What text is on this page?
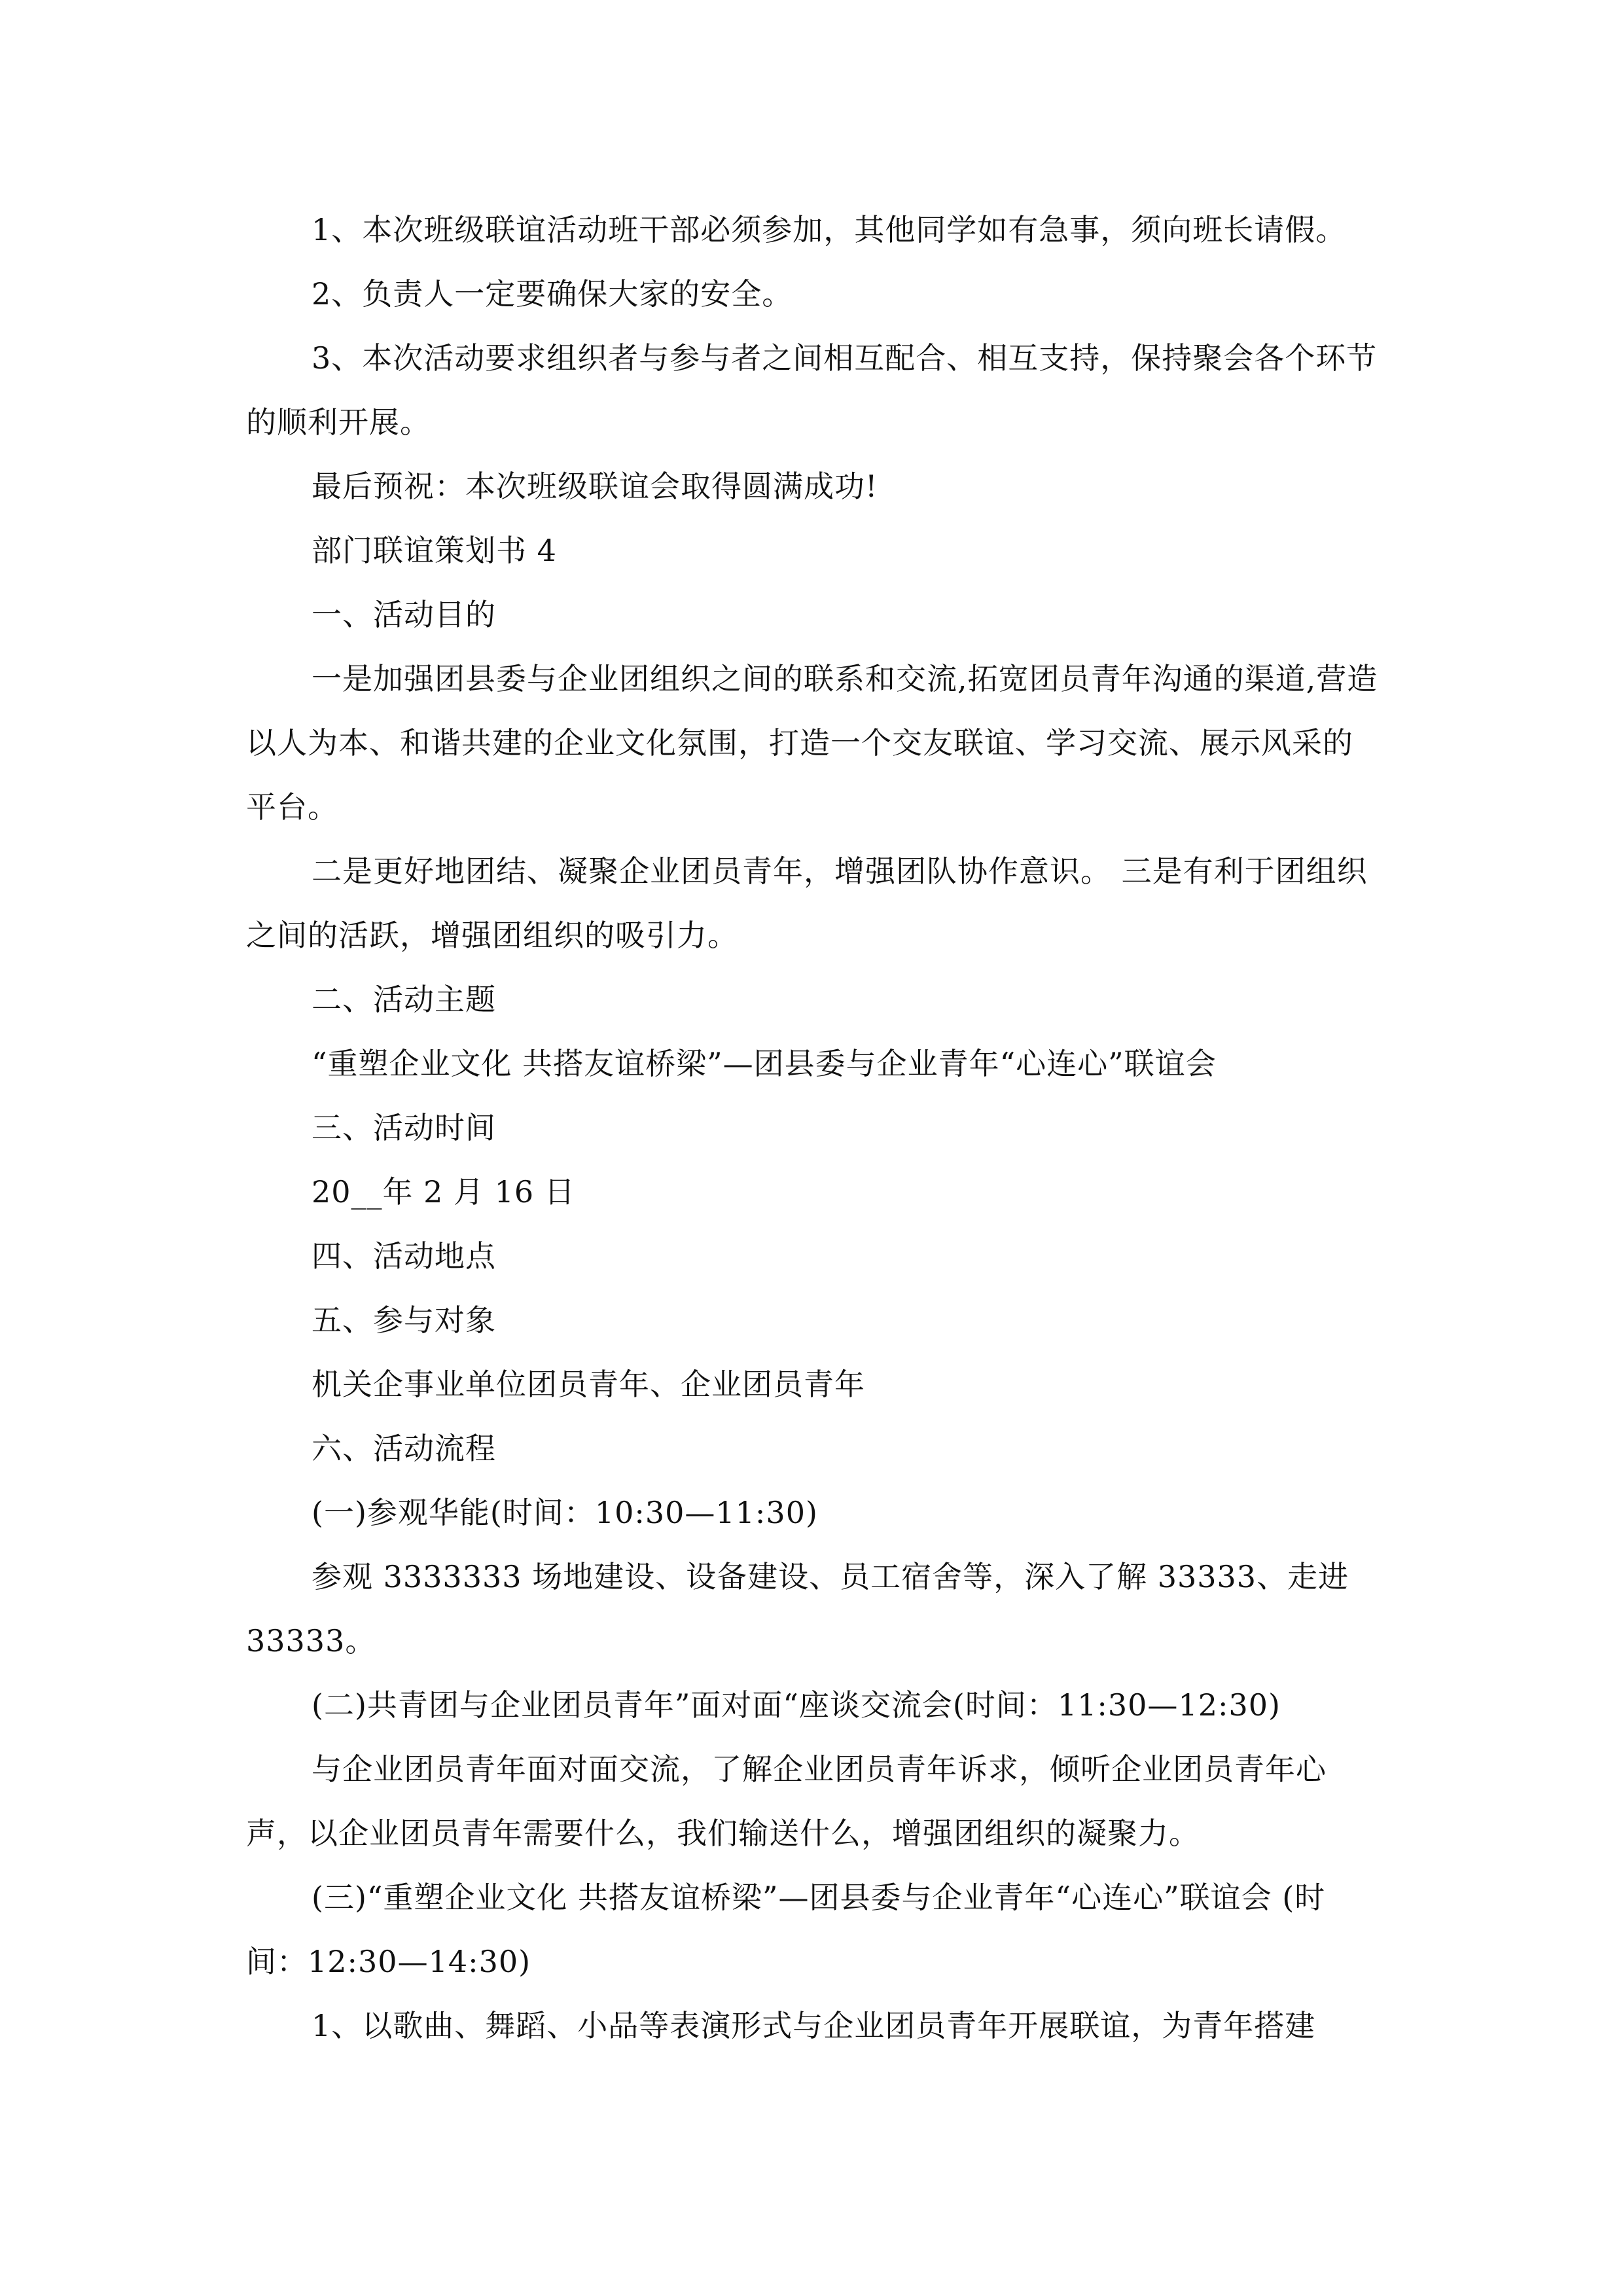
1、本次班级联谊活动班干部必须参加，其他同学如有急事，须向班长请假。

2、负责人一定要确保大家的安全。

3、本次活动要求组织者与参与者之间相互配合、相互支持，保持聚会各个环节的顺利开展。

最后预祝：本次班级联谊会取得圆满成功!

部门联谊策划书 4

一、活动目的

一是加强团县委与企业团组织之间的联系和交流,拓宽团员青年沟通的渠道,营造以人为本、和谐共建的企业文化氛围，打造一个交友联谊、学习交流、展示风采的平台。

二是更好地团结、凝聚企业团员青年，增强团队协作意识。 三是有利于团组织之间的活跃，增强团组织的吸引力。

二、活动主题

“重塑企业文化 共搭友谊桥梁”—团县委与企业青年“心连心”联谊会

三、活动时间

20__年 2 月 16 日

四、活动地点

五、参与对象

机关企事业单位团员青年、企业团员青年

六、活动流程

(一)参观华能(时间：10:30—11:30)

参观 3333333 场地建设、设备建设、员工宿舍等，深入了解 33333、走进 33333。

(二)共青团与企业团员青年”面对面“座谈交流会(时间：11:30—12:30)

与企业团员青年面对面交流，了解企业团员青年诉求，倾听企业团员青年心声，以企业团员青年需要什么，我们输送什么，增强团组织的凝聚力。

(三)“重塑企业文化 共搭友谊桥梁”—团县委与企业青年“心连心”联谊会 (时间：12:30—14:30)

1、以歌曲、舞蹈、小品等表演形式与企业团员青年开展联谊，为青年搭建
